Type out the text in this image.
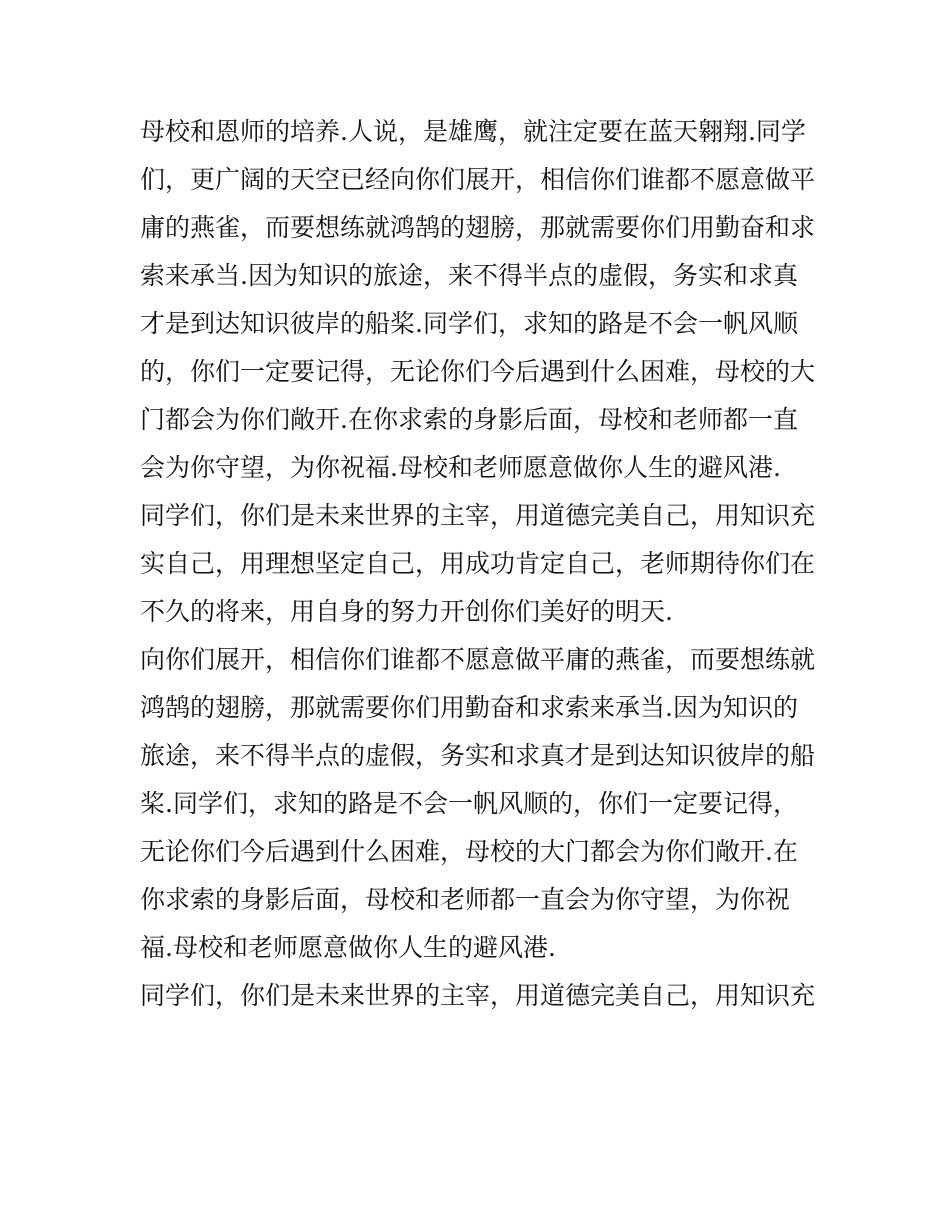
母校和恩师的培养.人说，是雄鹰，就注定要在蓝天翱翔.同学
们，更广阔的天空已经向你们展开，相信你们谁都不愿意做平
庸的燕雀，而要想练就鸿鹄的翅膀，那就需要你们用勤奋和求
索来承当.因为知识的旅途，来不得半点的虚假，务实和求真
才是到达知识彼岸的船桨.同学们，求知的路是不会一帆风顺
的，你们一定要记得，无论你们今后遇到什么困难，母校的大
门都会为你们敞开.在你求索的身影后面，母校和老师都一直
会为你守望，为你祝福.母校和老师愿意做你人生的避风港.
同学们，你们是未来世界的主宰，用道德完美自己，用知识充
实自己，用理想坚定自己，用成功肯定自己，老师期待你们在
不久的将来，用自身的努力开创你们美好的明天.
向你们展开，相信你们谁都不愿意做平庸的燕雀，而要想练就
鸿鹄的翅膀，那就需要你们用勤奋和求索来承当.因为知识的
旅途，来不得半点的虚假，务实和求真才是到达知识彼岸的船
桨.同学们，求知的路是不会一帆风顺的，你们一定要记得，
无论你们今后遇到什么困难，母校的大门都会为你们敞开.在
你求索的身影后面，母校和老师都一直会为你守望，为你祝
福.母校和老师愿意做你人生的避风港.
同学们，你们是未来世界的主宰，用道德完美自己，用知识充
